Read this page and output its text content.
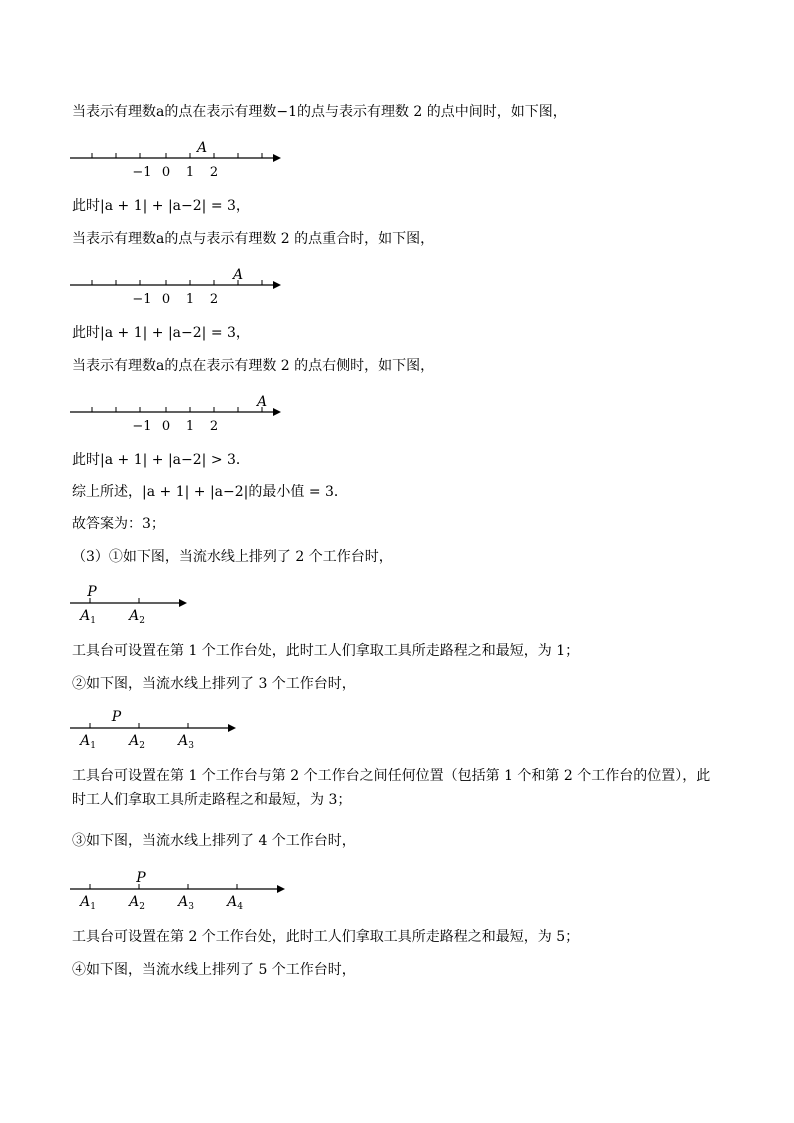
当表示有理数a的点在表示有理数−1的点与表示有理数 2 的点中间时，如下图，
−1 0 1 2
A
此时|a + 1| + |a−2| = 3，
当表示有理数a的点与表示有理数 2 的点重合时，如下图，
−1 0 1 2
A
此时|a + 1| + |a−2| = 3，
当表示有理数a的点在表示有理数 2 的点右侧时，如下图，
−1 0 1 2
A
此时|a + 1| + |a−2| > 3．
综上所述，|a + 1| + |a−2|的最小值 = 3．
故答案为：3；
（3）①如下图，当流水线上排列了 2 个工作台时，
$A_1$ $A_2$
P
工具台可设置在第 1 个工作台处，此时工人们拿取工具所走路程之和最短，为 1；
②如下图，当流水线上排列了 3 个工作台时，
$A_1$ $A_2$ $A_3$
P
工具台可设置在第 1 个工作台与第 2 个工作台之间任何位置（包括第 1 个和第 2 个工作台的位置），此时工人们拿取工具所走路程之和最短，为 3；
③如下图，当流水线上排列了 4 个工作台时，
$A_1$ $A_2$ $A_3$ $A_4$
P
工具台可设置在第 2 个工作台处，此时工人们拿取工具所走路程之和最短，为 5；
④如下图，当流水线上排列了 5 个工作台时，
